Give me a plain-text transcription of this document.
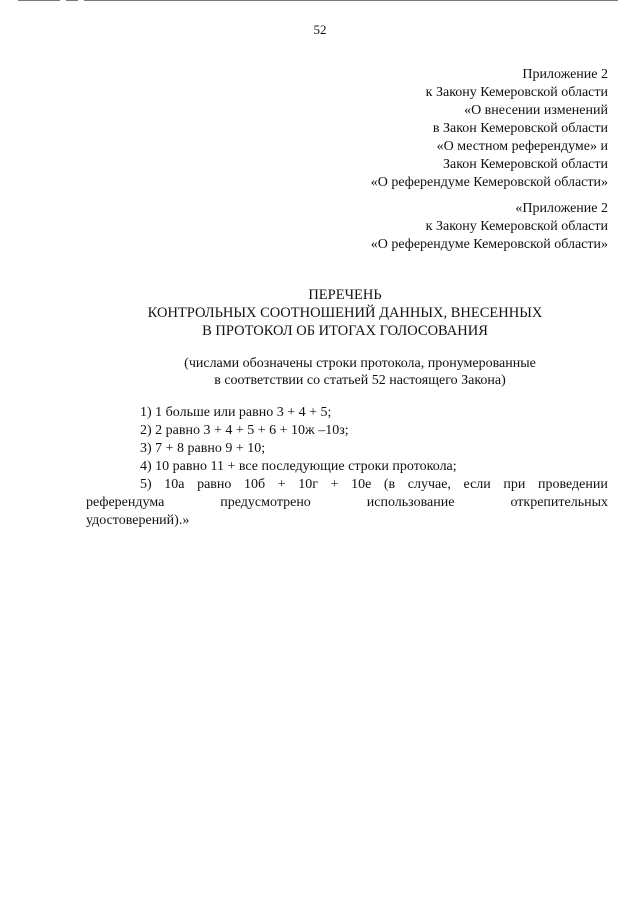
52
Приложение 2
к Закону Кемеровской области
«О внесении изменений
в Закон Кемеровской области
«О местном референдуме» и
Закон Кемеровской области
«О референдуме Кемеровской области»
«Приложение 2
к Закону Кемеровской области
«О референдуме Кемеровской области»
ПЕРЕЧЕНЬ
КОНТРОЛЬНЫХ СООТНОШЕНИЙ ДАННЫХ, ВНЕСЕННЫХ
В ПРОТОКОЛ ОБ ИТОГАХ ГОЛОСОВАНИЯ
(числами обозначены строки протокола, пронумерованные
в соответствии со статьей 52 настоящего Закона)
1) 1 больше или равно 3 + 4 + 5;
2) 2 равно 3 + 4 + 5 + 6 + 10ж –10з;
3) 7 + 8 равно 9 + 10;
4) 10 равно 11 + все последующие строки протокола;
5) 10а равно 10б + 10г + 10е (в случае, если при проведении
референдума	предусмотрено	использование	открепительных
удостоверений).»
